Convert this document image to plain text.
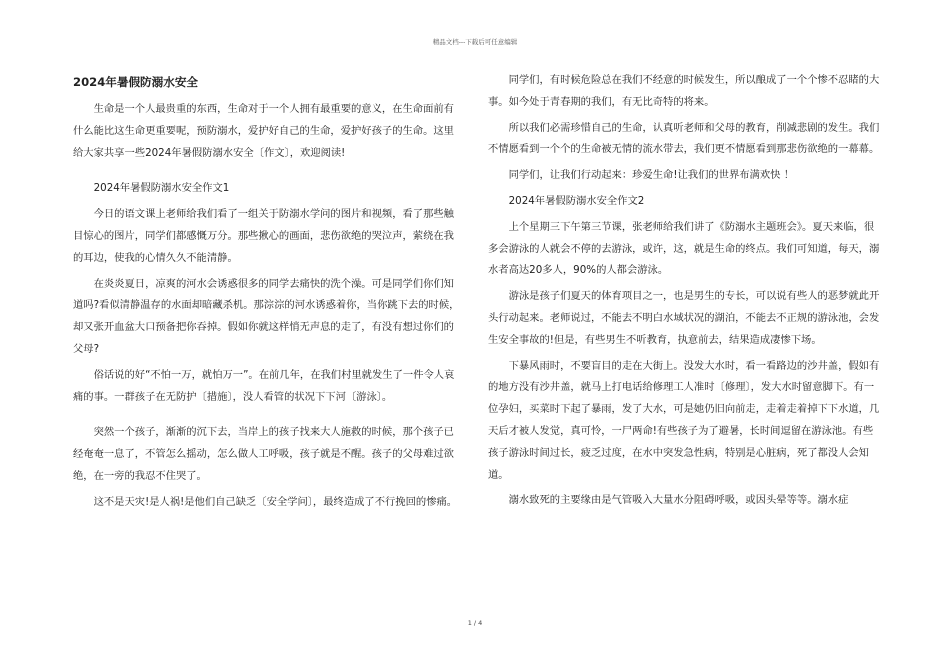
精品文档---下载后可任意编辑
2024年暑假防溺水安全

生命是一个人最贵重的东西，生命对于一个人拥有最重要的意义，在生命面前有什么能比这生命更重要呢，预防溺水，爱护好自己的生命，爱护好孩子的生命。这里给大家共享一些2024年暑假防溺水安全〔作文〕，欢迎阅读!

2024年暑假防溺水安全作文1

今日的语文课上老师给我们看了一组关于防溺水学问的图片和视频，看了那些触目惊心的图片，同学们都感慨万分。那些揪心的画面，悲伤欲绝的哭泣声，萦绕在我的耳边，使我的心情久久不能清静。

在炎炎夏日，凉爽的河水会诱惑很多的同学去痛快的洗个澡。可是同学们你们知道吗?看似清静温存的水面却暗藏杀机。那淙淙的河水诱惑着你，当你跳下去的时候，却又张开血盆大口预备把你吞掉。假如你就这样悄无声息的走了，有没有想过你们的父母?

俗话说的好“不怕一万，就怕万一”。在前几年，在我们村里就发生了一件令人哀痛的事。一群孩子在无防护〔措施〕，没人看管的状况下下河〔游泳〕。

突然一个孩子，渐渐的沉下去，当岸上的孩子找来大人施救的时候，那个孩子已经奄奄一息了，不管怎么摇动，怎么做人工呼吸，孩子就是不醒。孩子的父母难过欲绝，在一旁的我忍不住哭了。

这不是天灾!是人祸!是他们自己缺乏〔安全学问〕，最终造成了不行挽回的惨痛。

同学们，有时候危险总在我们不经意的时候发生，所以酿成了一个个惨不忍睹的大事。如今处于青春期的我们，有无比奇特的将来。

所以我们必需珍惜自己的生命，认真听老师和父母的教育，削减悲剧的发生。我们不情愿看到一个个的生命被无情的流水带去，我们更不情愿看到那悲伤欲绝的一幕幕。

同学们，让我们行动起来：珍爱生命!让我们的世界布满欢快 ！

2024年暑假防溺水安全作文2

上个星期三下午第三节课，张老师给我们讲了《防溺水主题班会》。夏天来临，很多会游泳的人就会不停的去游泳，或许，这，就是生命的终点。我们可知道，每天，溺水者高达20多人，90%的人都会游泳。

游泳是孩子们夏天的体育项目之一，也是男生的专长，可以说有些人的恶梦就此开头行动起来。老师说过，不能去不明白水域状况的湖泊，不能去不正规的游泳池，会发生安全事故的!但是，有些男生不听教育，执意前去，结果造成凄惨下场。

下暴风雨时，不要盲目的走在大街上。没发大水时，看一看路边的沙井盖，假如有的地方没有沙井盖，就马上打电话给修理工人准时〔修理〕，发大水时留意脚下。有一位孕妇，买菜时下起了暴雨，发了大水，可是她仍旧向前走，走着走着掉下下水道，几天后才被人发觉，真可怜，一尸两命!有些孩子为了避暑，长时间逗留在游泳池。有些孩子游泳时间过长，疲乏过度，在水中突发急性病，特别是心脏病，死了都没人会知道。

溺水致死的主要缘由是气管吸入大量水分阻碍呼吸，或因头晕等等。溺水症

1 / 4
